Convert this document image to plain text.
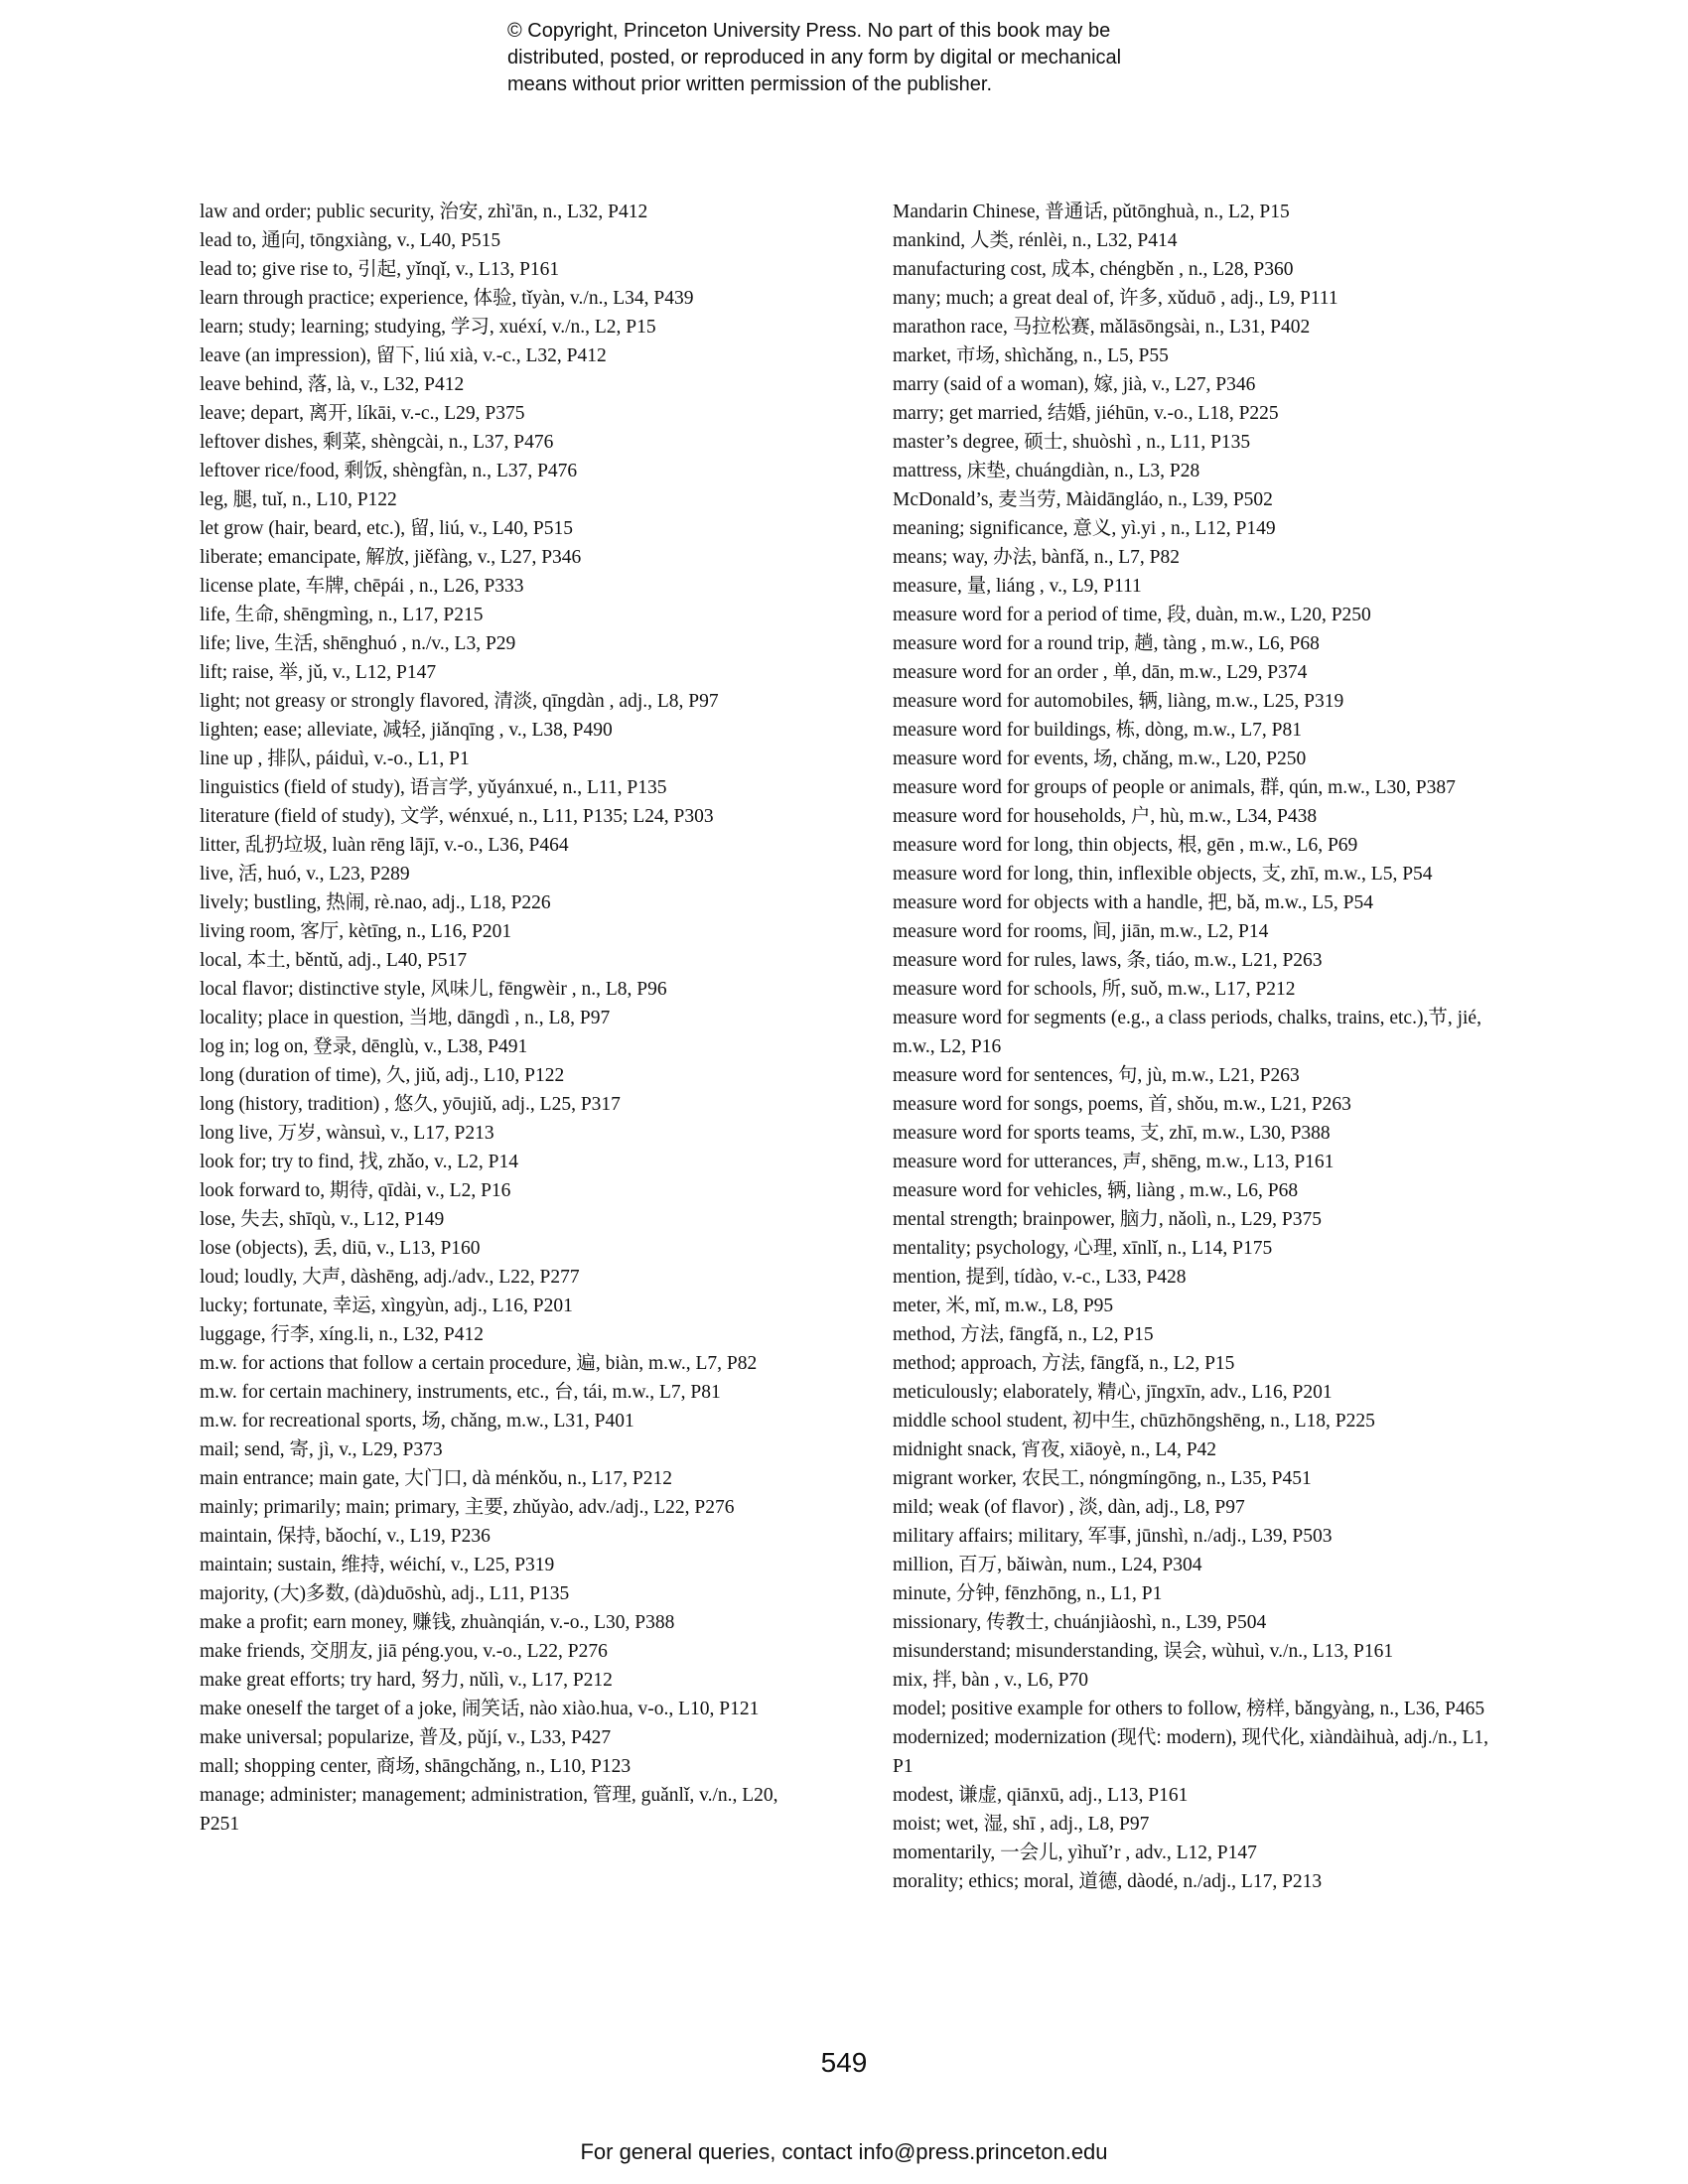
© Copyright, Princeton University Press. No part of this book may be
distributed, posted, or reproduced in any form by digital or mechanical
means without prior written permission of the publisher.

law and order; public security, 治安, zhì'ān, n., L32, P412

lead to, 通向, tōngxiàng, v., L40, P515

lead to; give rise to, 引起, yǐnqǐ, v., L13, P161

learn through practice; experience, 体验, tǐyàn, v./n., L34, P439

learn; study; learning; studying, 学习, xuéxí, v./n., L2, P15

leave (an impression), 留下, liú xià, v.-c., L32, P412

leave behind, 落, là, v., L32, P412

leave; depart, 离开, líkāi, v.-c., L29, P375

leftover dishes, 剩菜, shèngcài, n., L37, P476

leftover rice/food, 剩饭, shèngfàn, n., L37, P476

leg, 腿, tuǐ, n., L10, P122

let grow (hair, beard, etc.), 留, liú, v., L40, P515

liberate; emancipate, 解放, jiěfàng, v., L27, P346

license plate, 车牌, chēpái , n., L26, P333

life, 生命, shēngmìng, n., L17, P215

life; live, 生活, shēnghuó , n./v., L3, P29

lift; raise, 举, jǔ, v., L12, P147

light; not greasy or strongly flavored, 清淡, qīngdàn , adj., L8, P97

lighten; ease; alleviate, 减轻, jiǎnqīng , v., L38, P490

line up , 排队, páiduì, v.-o., L1, P1

linguistics (field of study), 语言学, yǔyánxué, n., L11, P135

literature (field of study), 文学, wénxué, n., L11, P135; L24, P303

litter, 乱扔垃圾, luàn rēng lājī, v.-o., L36, P464

live, 活, huó, v., L23, P289

lively; bustling, 热闹, rè.nao, adj., L18, P226

living room, 客厅, kètīng, n., L16, P201

local, 本土, běntǔ, adj., L40, P517

local flavor; distinctive style, 风味儿, fēngwèir , n., L8, P96

locality; place in question, 当地, dāngdì , n., L8, P97

log in; log on, 登录, dēnglù, v., L38, P491

long (duration of time), 久, jiǔ, adj., L10, P122

long (history, tradition) , 悠久, yōujiǔ, adj., L25, P317

long live, 万岁, wànsuì, v., L17, P213

look for; try to find, 找, zhǎo, v., L2, P14

look forward to, 期待, qīdài, v., L2, P16

lose, 失去, shīqù, v., L12, P149

lose (objects), 丢, diū, v., L13, P160

loud; loudly, 大声, dàshēng, adj./adv., L22, P277

lucky; fortunate, 幸运, xìngyùn, adj., L16, P201

luggage, 行李, xíng.li, n., L32, P412

m.w. for actions that follow a certain procedure, 遍, biàn, m.w., L7, P82

m.w. for certain machinery, instruments, etc., 台, tái, m.w., L7, P81

m.w. for recreational sports, 场, chǎng, m.w., L31, P401

mail; send, 寄, jì, v., L29, P373

main entrance; main gate, 大门口, dà ménkǒu, n., L17, P212

mainly; primarily; main; primary, 主要, zhǔyào, adv./adj., L22, P276

maintain, 保持, bǎochí, v., L19, P236

maintain; sustain, 维持, wéichí, v., L25, P319

majority, (大)多数, (dà)duōshù, adj., L11, P135

make a profit; earn money, 赚钱, zhuànqián, v.-o., L30, P388

make friends, 交朋友, jiā péng.you, v.-o., L22, P276

make great efforts; try hard, 努力, nǔlì, v., L17, P212

make oneself the target of a joke, 闹笑话, nào xiào.hua, v-o., L10, P121

make universal; popularize, 普及, pǔjí, v., L33, P427

mall; shopping center, 商场, shāngchǎng, n., L10, P123

manage; administer; management; administration, 管理, guǎnlǐ, v./n., L20, P251

Mandarin Chinese, 普通话, pǔtōnghuà, n., L2, P15

mankind, 人类, rénlèi, n., L32, P414

manufacturing cost, 成本, chéngběn , n., L28, P360

many; much; a great deal of, 许多, xǔduō , adj., L9, P111

marathon race, 马拉松赛, mǎlāsōngsài, n., L31, P402

market, 市场, shìchǎng, n., L5, P55

marry (said of a woman), 嫁, jià, v., L27, P346

marry; get married, 结婚, jiéhūn, v.-o., L18, P225

master’s degree, 硕士, shuòshì , n., L11, P135

mattress, 床垫, chuángdiàn, n., L3, P28

McDonald’s, 麦当劳, Màidāngláo, n., L39, P502

meaning; significance, 意义, yì.yi , n., L12, P149

means; way, 办法, bànfǎ, n., L7, P82

measure, 量, liáng , v., L9, P111

measure word for a period of time, 段, duàn, m.w., L20, P250

measure word for a round trip, 趟, tàng , m.w., L6, P68

measure word for an order , 单, dān, m.w., L29, P374

measure word for automobiles, 辆, liàng, m.w., L25, P319

measure word for buildings, 栋, dòng, m.w., L7, P81

measure word for events, 场, chǎng, m.w., L20, P250

measure word for groups of people or animals, 群, qún, m.w., L30, P387

measure word for households, 户, hù, m.w., L34, P438

measure word for long, thin objects, 根, gēn , m.w., L6, P69

measure word for long, thin, inflexible objects, 支, zhī, m.w., L5, P54

measure word for objects with a handle, 把, bǎ, m.w., L5, P54

measure word for rooms, 间, jiān, m.w., L2, P14

measure word for rules, laws, 条, tiáo, m.w., L21, P263

measure word for schools, 所, suǒ, m.w., L17, P212

measure word for segments (e.g., a class periods, chalks, trains, etc.),节, jié, m.w., L2, P16

measure word for sentences, 句, jù, m.w., L21, P263

measure word for songs, poems, 首, shǒu, m.w., L21, P263

measure word for sports teams, 支, zhī, m.w., L30, P388

measure word for utterances, 声, shēng, m.w., L13, P161

measure word for vehicles, 辆, liàng , m.w., L6, P68

mental strength; brainpower, 脑力, nǎolì, n., L29, P375

mentality; psychology, 心理, xīnlǐ, n., L14, P175

mention, 提到, tídào, v.-c., L33, P428

meter, 米, mǐ, m.w., L8, P95

method, 方法, fāngfǎ, n., L2, P15

method; approach, 方法, fāngfǎ, n., L2, P15

meticulously; elaborately, 精心, jīngxīn, adv., L16, P201

middle school student, 初中生, chūzhōngshēng, n., L18, P225

midnight snack, 宵夜, xiāoyè, n., L4, P42

migrant worker, 农民工, nóngmíngōng, n., L35, P451

mild; weak (of flavor) , 淡, dàn, adj., L8, P97

military affairs; military, 军事, jūnshì, n./adj., L39, P503

million, 百万, bǎiwàn, num., L24, P304

minute, 分钟, fēnzhōng, n., L1, P1

missionary, 传教士, chuánjiàoshì, n., L39, P504

misunderstand; misunderstanding, 误会, wùhuì, v./n., L13, P161

mix, 拌, bàn , v., L6, P70

model; positive example for others to follow, 榜样, bǎngyàng, n., L36, P465

modernized; modernization (现代: modern), 现代化, xiàndàihuà, adj./n., L1, P1

modest, 谦虚, qiānxū, adj., L13, P161

moist; wet, 湿, shī , adj., L8, P97

momentarily, 一会儿, yìhuǐ’r , adv., L12, P147

morality; ethics; moral, 道德, dàodé, n./adj., L17, P213

549
For general queries, contact info@press.princeton.edu
